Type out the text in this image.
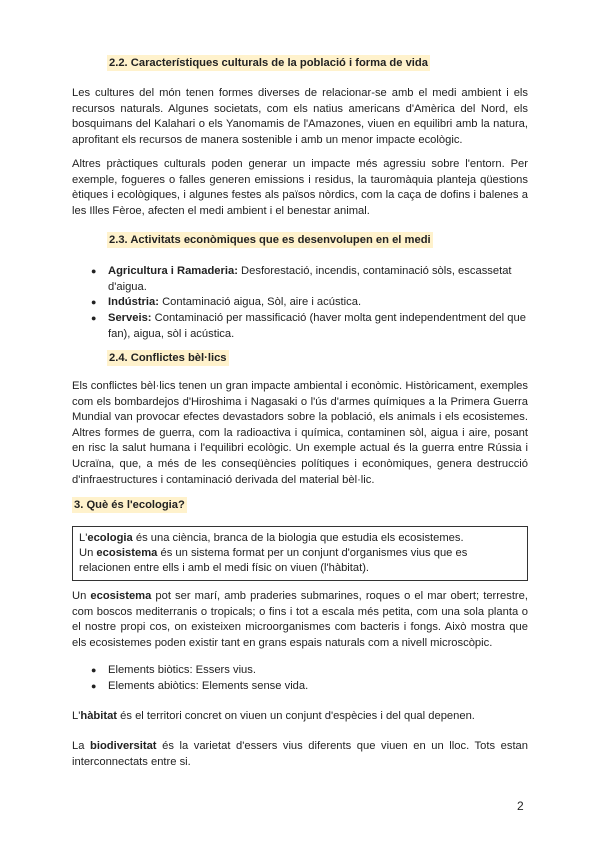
2.2. Característiques culturals de la població i forma de vida

Les cultures del món tenen formes diverses de relacionar-se amb el medi ambient i els recursos naturals. Algunes societats, com els natius americans d'Amèrica del Nord, els bosquimans del Kalahari o els Yanomamis de l'Amazones, viuen en equilibri amb la natura, aprofitant els recursos de manera sostenible i amb un menor impacte ecològic.

Altres pràctiques culturals poden generar un impacte més agressiu sobre l'entorn. Per exemple, fogueres o falles generen emissions i residus, la tauromàquia planteja qüestions ètiques i ecològiques, i algunes festes als països nòrdics, com la caça de dofins i balenes a les Illes Fèroe, afecten el medi ambient i el benestar animal.

2.3. Activitats econòmiques que es desenvolupen en el medi
● Agricultura i Ramaderia: Desforestació, incendis, contaminació sòls, escassetat d'aigua.
● Indústria: Contaminació aigua, Sòl, aire i acústica.
● Serveis: Contaminació per massificació (haver molta gent independentment del que fan), aigua, sòl i acústica.
2.4. Conflictes bèl·lics

Els conflictes bèl·lics tenen un gran impacte ambiental i econòmic. Històricament, exemples com els bombardejos d'Hiroshima i Nagasaki o l'ús d'armes químiques a la Primera Guerra Mundial van provocar efectes devastadors sobre la població, els animals i els ecosistemes. Altres formes de guerra, com la radioactiva i química, contaminen sòl, aigua i aire, posant en risc la salut humana i l'equilibri ecològic. Un exemple actual és la guerra entre Rússia i Ucraïna, que, a més de les conseqüències polítiques i econòmiques, genera destrucció d'infraestructures i contaminació derivada del material bèl·lic.

3. Què és l'ecologia?
L'ecologia és una ciència, branca de la biologia que estudia els ecosistemes.
Un ecosistema és un sistema format per un conjunt d'organismes vius que es relacionen entre ells i amb el medi físic on viuen (l'hàbitat).

Un ecosistema pot ser marí, amb praderies submarines, roques o el mar obert; terrestre, com boscos mediterranis o tropicals; o fins i tot a escala més petita, com una sola planta o el nostre propi cos, on existeixen microorganismes com bacteris i fongs. Això mostra que els ecosistemes poden existir tant en grans espais naturals com a nivell microscòpic.

● Elements biòtics: Essers vius.
● Elements abiòtics: Elements sense vida.

L'hàbitat és el territori concret on viuen un conjunt d'espècies i del qual depenen.

La biodiversitat és la varietat d'essers vius diferents que viuen en un lloc. Tots estan interconnectats entre si.

2
